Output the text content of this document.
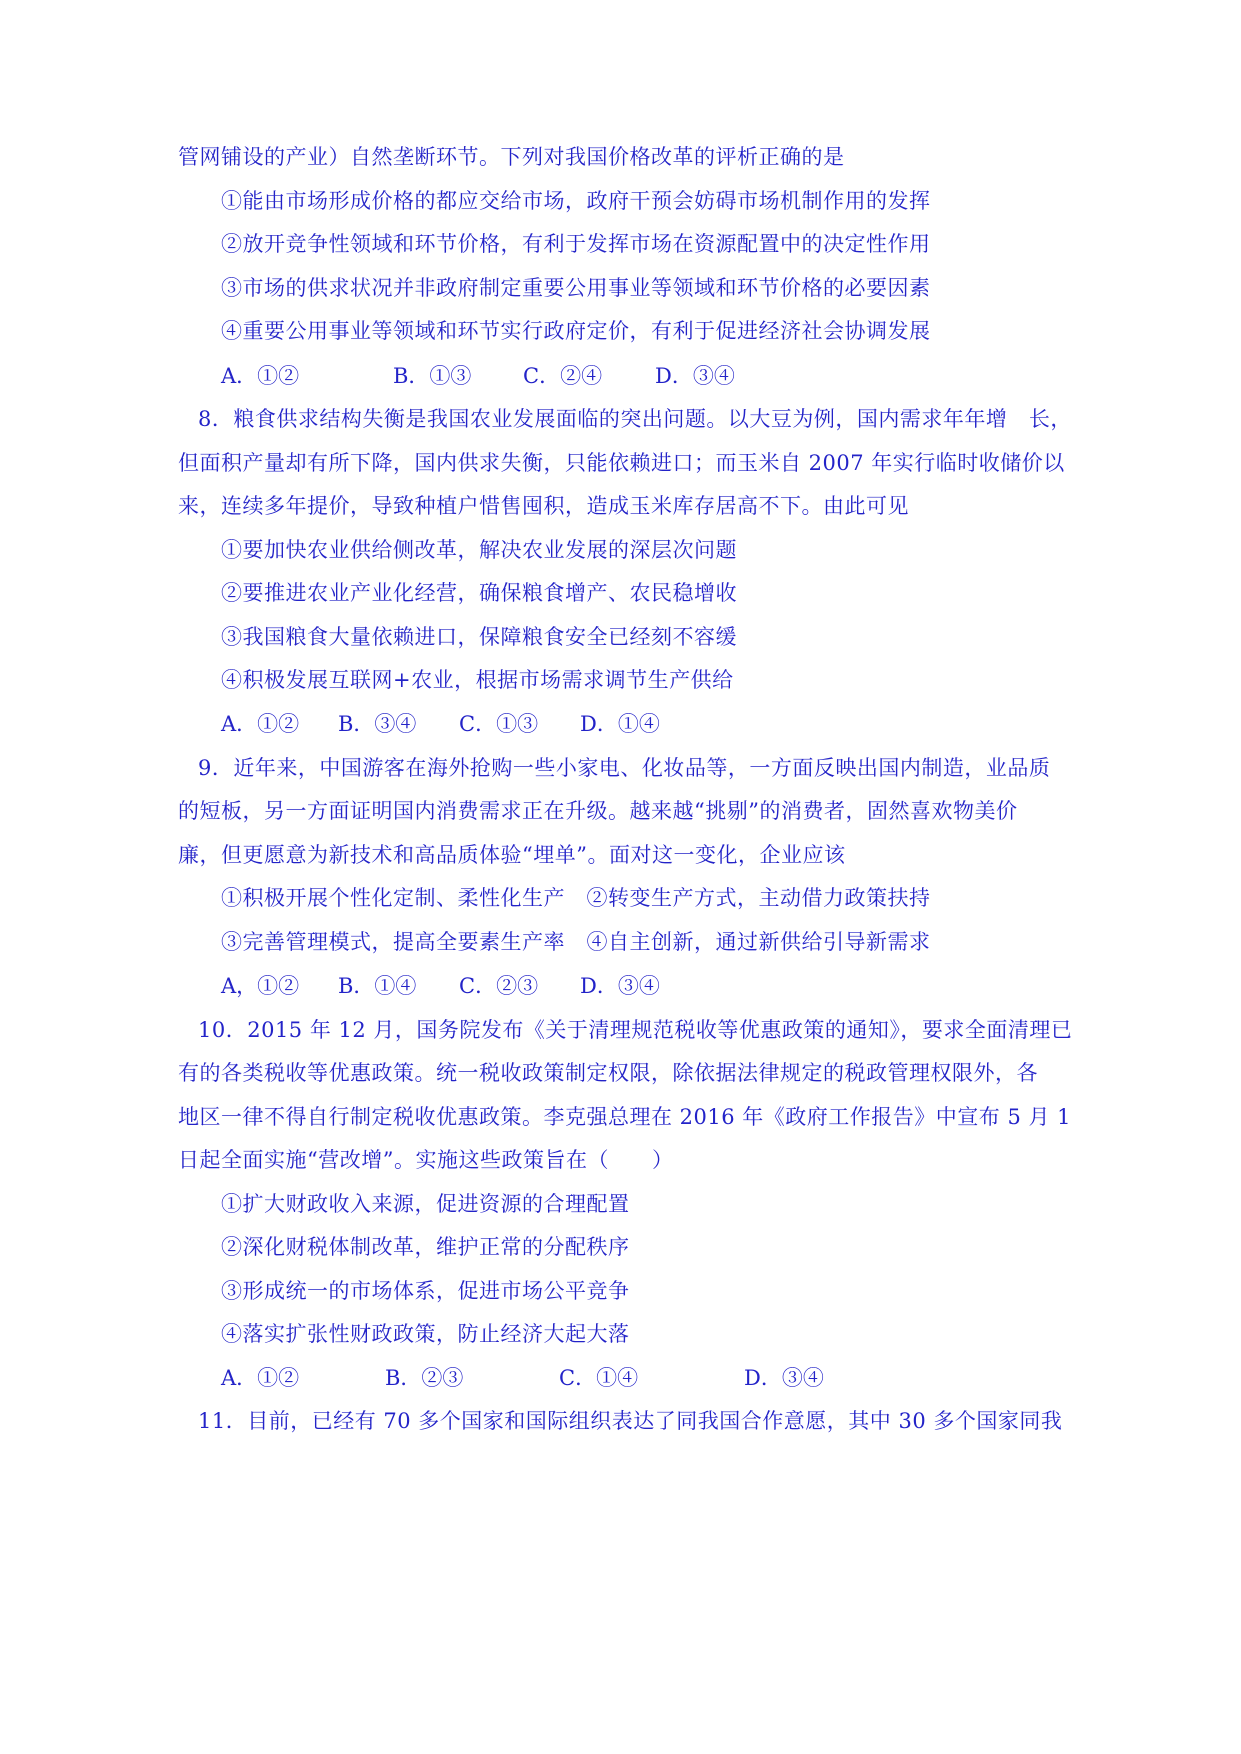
管网铺设的产业）自然垄断环节。下列对我国价格改革的评析正确的是
①能由市场形成价格的都应交给市场，政府干预会妨碍市场机制作用的发挥
②放开竞争性领域和环节价格，有利于发挥市场在资源配置中的决定性作用
③市场的供求状况并非政府制定重要公用事业等领域和环节价格的必要因素
④重要公用事业等领域和环节实行政府定价，有利于促进经济社会协调发展
A．①②	B．①③ C．②④	D．③④
8．粮食供求结构失衡是我国农业发展面临的突出问题。以大豆为例，国内需求年年增　长，
但面积产量却有所下降，国内供求失衡，只能依赖进口；而玉米自 2007 年实行临时收储价以
来，连续多年提价，导致种植户惜售囤积，造成玉米库存居高不下。由此可见
①要加快农业供给侧改革，解决农业发展的深层次问题
②要推进农业产业化经营，确保粮食增产、农民稳增收
③我国粮食大量依赖进口，保障粮食安全已经刻不容缓
④积极发展互联网+农业，根据市场需求调节生产供给
A．①② B．③④ C．①③ D．①④
9．近年来，中国游客在海外抢购一些小家电、化妆品等，一方面反映出国内制造，业品质
的短板，另一方面证明国内消费需求正在升级。越来越“挑剔”的消费者，固然喜欢物美价
廉，但更愿意为新技术和高品质体验“埋单”。面对这一变化，企业应该
①积极开展个性化定制、柔性化生产　②转变生产方式，主动借力政策扶持
③完善管理模式，提高全要素生产率　④自主创新，通过新供给引导新需求
A，①② B．①④ C．②③ D．③④
10．2015 年 12 月，国务院发布《关于清理规范税收等优惠政策的通知》，要求全面清理已
有的各类税收等优惠政策。统一税收政策制定权限，除依据法律规定的税政管理权限外，各
地区一律不得自行制定税收优惠政策。李克强总理在 2016 年《政府工作报告》中宣布 5 月 1
日起全面实施“营改增”。实施这些政策旨在（　　）
①扩大财政收入来源，促进资源的合理配置
②深化财税体制改革，维护正常的分配秩序
③形成统一的市场体系，促进市场公平竞争
④落实扩张性财政政策，防止经济大起大落
A．①②	B．②③	C．①④	D．③④
11．目前，已经有 70 多个国家和国际组织表达了同我国合作意愿，其中 30 多个国家同我
